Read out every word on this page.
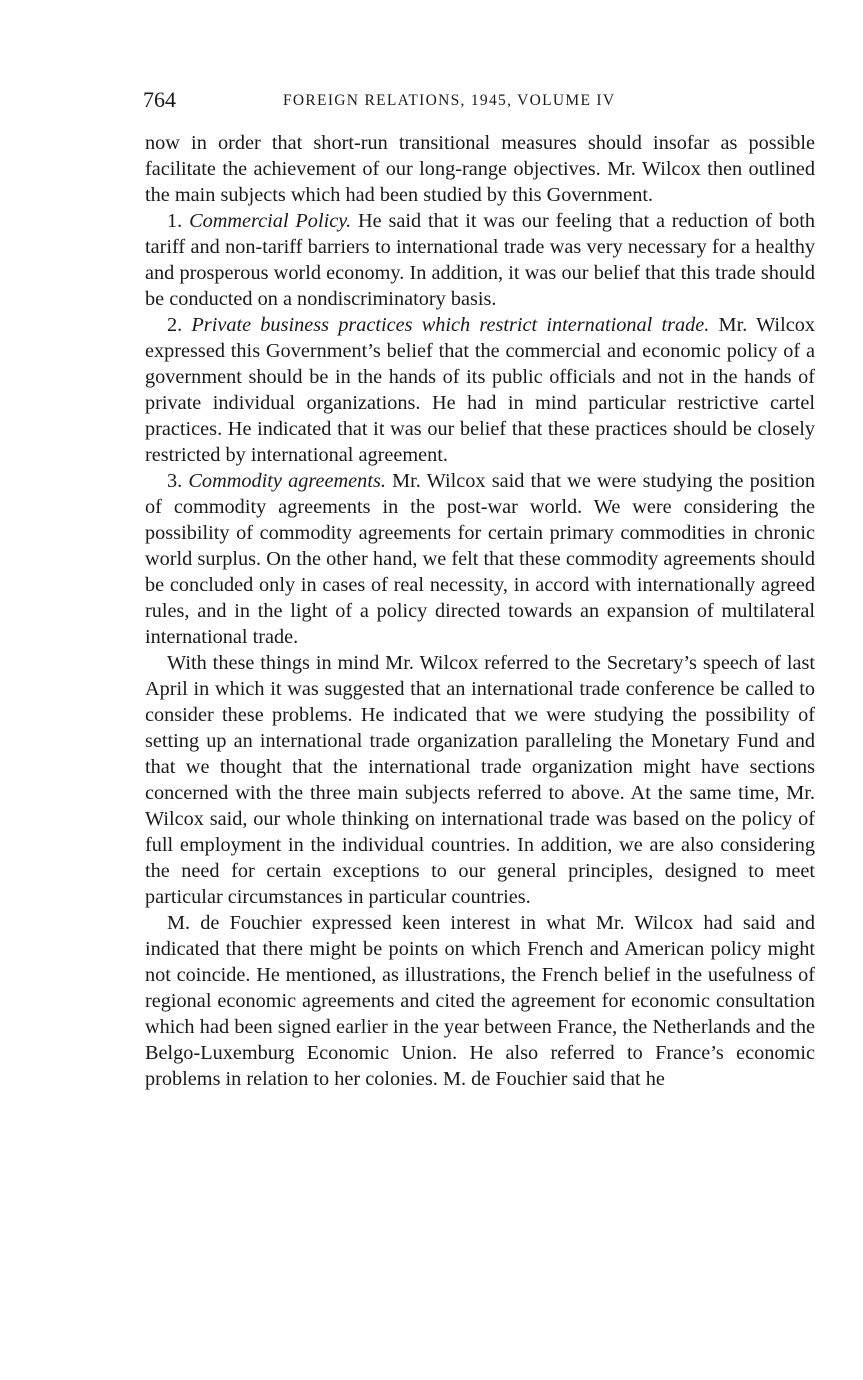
764	FOREIGN RELATIONS, 1945, VOLUME IV

now in order that short-run transitional measures should insofar as possible facilitate the achievement of our long-range objectives. Mr. Wilcox then outlined the main subjects which had been studied by this Government.

1. Commercial Policy. He said that it was our feeling that a reduction of both tariff and non-tariff barriers to international trade was very necessary for a healthy and prosperous world economy. In addition, it was our belief that this trade should be conducted on a nondiscriminatory basis.

2. Private business practices which restrict international trade. Mr. Wilcox expressed this Government’s belief that the commercial and economic policy of a government should be in the hands of its public officials and not in the hands of private individual organizations. He had in mind particular restrictive cartel practices. He indicated that it was our belief that these practices should be closely restricted by international agreement.

3. Commodity agreements. Mr. Wilcox said that we were studying the position of commodity agreements in the post-war world. We were considering the possibility of commodity agreements for certain primary commodities in chronic world surplus. On the other hand, we felt that these commodity agreements should be concluded only in cases of real necessity, in accord with internationally agreed rules, and in the light of a policy directed towards an expansion of multilateral international trade.

With these things in mind Mr. Wilcox referred to the Secretary’s speech of last April in which it was suggested that an international trade conference be called to consider these problems. He indicated that we were studying the possibility of setting up an international trade organization paralleling the Monetary Fund and that we thought that the international trade organization might have sections concerned with the three main subjects referred to above. At the same time, Mr. Wilcox said, our whole thinking on international trade was based on the policy of full employment in the individual countries. In addition, we are also considering the need for certain exceptions to our general principles, designed to meet particular circumstances in particular countries.

M. de Fouchier expressed keen interest in what Mr. Wilcox had said and indicated that there might be points on which French and American policy might not coincide. He mentioned, as illustrations, the French belief in the usefulness of regional economic agreements and cited the agreement for economic consultation which had been signed earlier in the year between France, the Netherlands and the Belgo-Luxemburg Economic Union. He also referred to France’s economic problems in relation to her colonies. M. de Fouchier said that he
